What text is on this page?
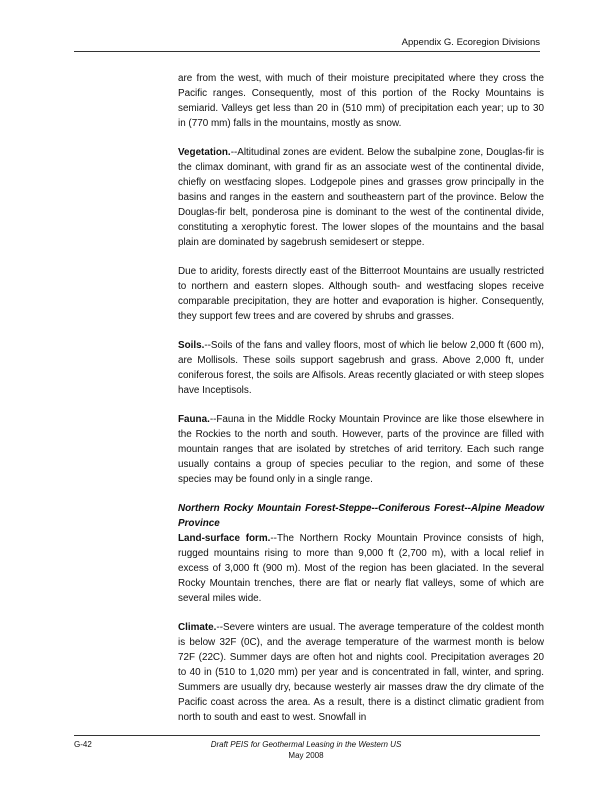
Appendix G. Ecoregion Divisions

are from the west, with much of their moisture precipitated where they cross the Pacific ranges. Consequently, most of this portion of the Rocky Mountains is semiarid. Valleys get less than 20 in (510 mm) of precipitation each year; up to 30 in (770 mm) falls in the mountains, mostly as snow.

Vegetation.--Altitudinal zones are evident. Below the subalpine zone, Douglas-fir is the climax dominant, with grand fir as an associate west of the continental divide, chiefly on westfacing slopes. Lodgepole pines and grasses grow principally in the basins and ranges in the eastern and southeastern part of the province. Below the Douglas-fir belt, ponderosa pine is dominant to the west of the continental divide, constituting a xerophytic forest. The lower slopes of the mountains and the basal plain are dominated by sagebrush semidesert or steppe.

Due to aridity, forests directly east of the Bitterroot Mountains are usually restricted to northern and eastern slopes. Although south- and westfacing slopes receive comparable precipitation, they are hotter and evaporation is higher. Consequently, they support few trees and are covered by shrubs and grasses.

Soils.--Soils of the fans and valley floors, most of which lie below 2,000 ft (600 m), are Mollisols. These soils support sagebrush and grass. Above 2,000 ft, under coniferous forest, the soils are Alfisols. Areas recently glaciated or with steep slopes have Inceptisols.

Fauna.--Fauna in the Middle Rocky Mountain Province are like those elsewhere in the Rockies to the north and south. However, parts of the province are filled with mountain ranges that are isolated by stretches of arid territory. Each such range usually contains a group of species peculiar to the region, and some of these species may be found only in a single range.

Northern Rocky Mountain Forest-Steppe--Coniferous Forest--Alpine Meadow Province

Land-surface form.--The Northern Rocky Mountain Province consists of high, rugged mountains rising to more than 9,000 ft (2,700 m), with a local relief in excess of 3,000 ft (900 m). Most of the region has been glaciated. In the several Rocky Mountain trenches, there are flat or nearly flat valleys, some of which are several miles wide.

Climate.--Severe winters are usual. The average temperature of the coldest month is below 32F (0C), and the average temperature of the warmest month is below 72F (22C). Summer days are often hot and nights cool. Precipitation averages 20 to 40 in (510 to 1,020 mm) per year and is concentrated in fall, winter, and spring. Summers are usually dry, because westerly air masses draw the dry climate of the Pacific coast across the area. As a result, there is a distinct climatic gradient from north to south and east to west. Snowfall in

G-42	Draft PEIS for Geothermal Leasing in the Western US
May 2008
